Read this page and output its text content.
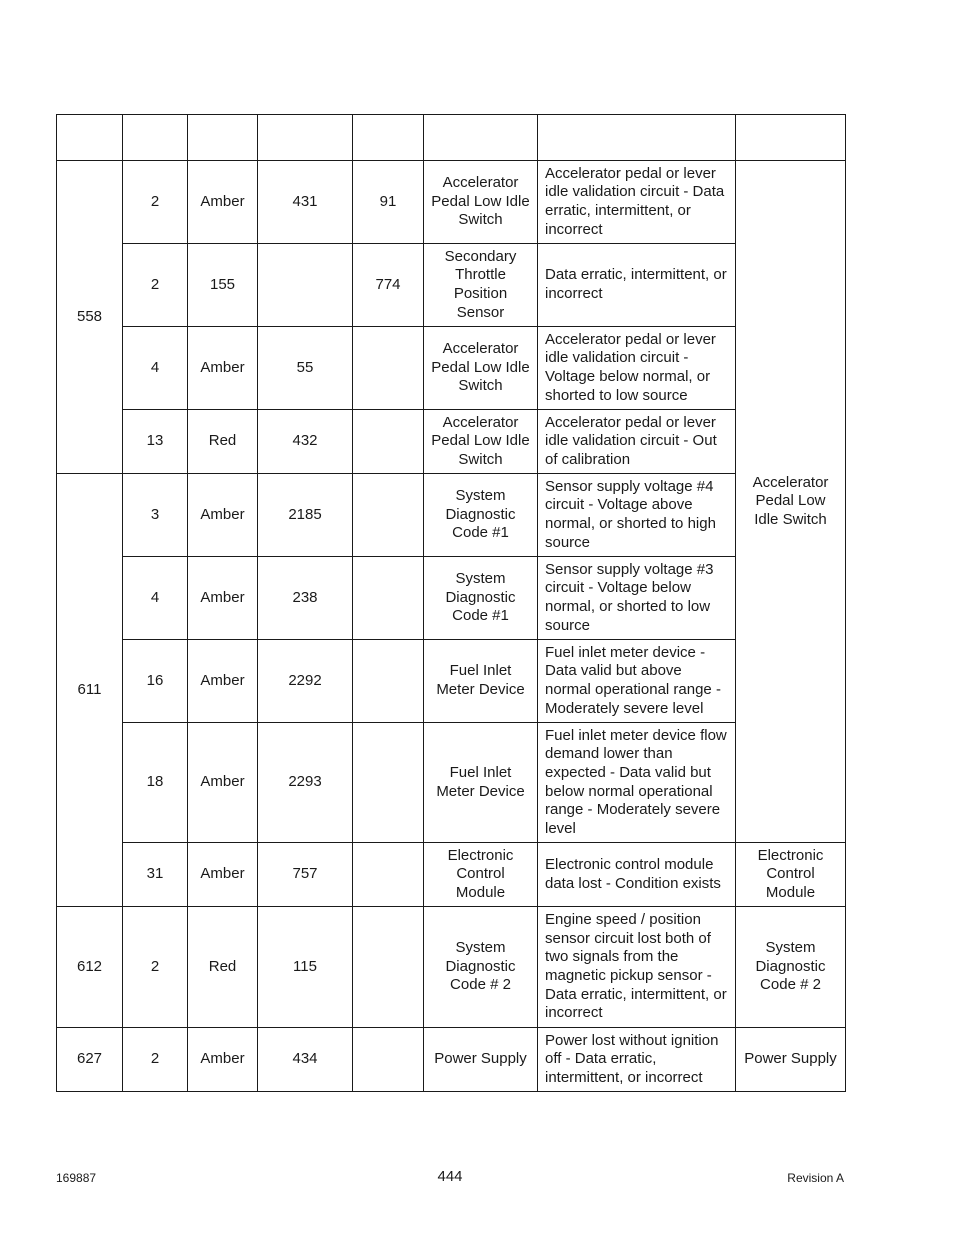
558	2	Amber	431	91	Accelerator Pedal Low Idle Switch	Accelerator pedal or lever idle validation circuit - Data erratic, intermittent, or incorrect	Accelerator Pedal Low Idle Switch
	2	155		774	Secondary Throttle Position Sensor	Data erratic, intermittent, or incorrect	
	4	Amber	55		Accelerator Pedal Low Idle Switch	Accelerator pedal or lever idle validation circuit - Voltage below normal, or shorted to low source	
	13	Red	432		Accelerator Pedal Low Idle Switch	Accelerator pedal or lever idle validation circuit - Out of calibration	
611	3	Amber	2185		System Diagnostic Code #1	Sensor supply voltage #4 circuit - Voltage above normal, or shorted to high source	
	4	Amber	238		System Diagnostic Code #1	Sensor supply voltage #3 circuit - Voltage below normal, or shorted to low source	
	16	Amber	2292		Fuel Inlet Meter Device	Fuel inlet meter device - Data valid but above normal operational range - Moderately severe level	
	18	Amber	2293		Fuel Inlet Meter Device	Fuel inlet meter device flow demand lower than expected - Data valid but below normal operational range - Moderately severe level	
	31	Amber	757		Electronic Control Module	Electronic control module data lost - Condition exists	Electronic Control Module
612	2	Red	115		System Diagnostic Code # 2	Engine speed / position sensor circuit lost both of two signals from the magnetic pickup sensor - Data erratic, intermittent, or incorrect	System Diagnostic Code # 2
627	2	Amber	434		Power Supply	Power lost without ignition off - Data erratic, intermittent, or incorrect	Power Supply
169887	444	Revision A
